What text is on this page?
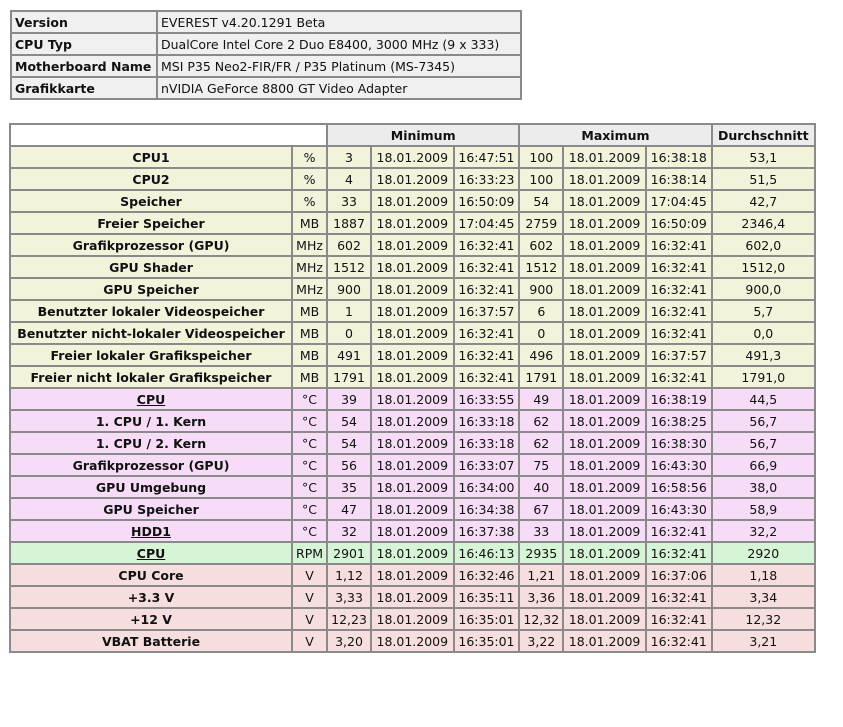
Version	EVEREST v4.20.1291 Beta
CPU Typ	DualCore Intel Core 2 Duo E8400, 3000 MHz (9 x 333)
Motherboard Name	MSI P35 Neo2-FIR/FR / P35 Platinum (MS-7345)
Grafikkarte	nVIDIA GeForce 8800 GT Video Adapter
		Minimum			Maximum			Durchschnitt
CPU1	%	3	18.01.2009	16:47:51	100	18.01.2009	16:38:18	53,1
CPU2	%	4	18.01.2009	16:33:23	100	18.01.2009	16:38:14	51,5
Speicher	%	33	18.01.2009	16:50:09	54	18.01.2009	17:04:45	42,7
Freier Speicher	MB	1887	18.01.2009	17:04:45	2759	18.01.2009	16:50:09	2346,4
Grafikprozessor (GPU)	MHz	602	18.01.2009	16:32:41	602	18.01.2009	16:32:41	602,0
GPU Shader	MHz	1512	18.01.2009	16:32:41	1512	18.01.2009	16:32:41	1512,0
GPU Speicher	MHz	900	18.01.2009	16:32:41	900	18.01.2009	16:32:41	900,0
Benutzter lokaler Videospeicher	MB	1	18.01.2009	16:37:57	6	18.01.2009	16:32:41	5,7
Benutzter nicht-lokaler Videospeicher	MB	0	18.01.2009	16:32:41	0	18.01.2009	16:32:41	0,0
Freier lokaler Grafikspeicher	MB	491	18.01.2009	16:32:41	496	18.01.2009	16:37:57	491,3
Freier nicht lokaler Grafikspeicher	MB	1791	18.01.2009	16:32:41	1791	18.01.2009	16:32:41	1791,0
CPU	°C	39	18.01.2009	16:33:55	49	18.01.2009	16:38:19	44,5
1. CPU / 1. Kern	°C	54	18.01.2009	16:33:18	62	18.01.2009	16:38:25	56,7
1. CPU / 2. Kern	°C	54	18.01.2009	16:33:18	62	18.01.2009	16:38:30	56,7
Grafikprozessor (GPU)	°C	56	18.01.2009	16:33:07	75	18.01.2009	16:43:30	66,9
GPU Umgebung	°C	35	18.01.2009	16:34:00	40	18.01.2009	16:58:56	38,0
GPU Speicher	°C	47	18.01.2009	16:34:38	67	18.01.2009	16:43:30	58,9
HDD1	°C	32	18.01.2009	16:37:38	33	18.01.2009	16:32:41	32,2
CPU	RPM	2901	18.01.2009	16:46:13	2935	18.01.2009	16:32:41	2920
CPU Core	V	1,12	18.01.2009	16:32:46	1,21	18.01.2009	16:37:06	1,18
+3.3 V	V	3,33	18.01.2009	16:35:11	3,36	18.01.2009	16:32:41	3,34
+12 V	V	12,23	18.01.2009	16:35:01	12,32	18.01.2009	16:32:41	12,32
VBAT Batterie	V	3,20	18.01.2009	16:35:01	3,22	18.01.2009	16:32:41	3,21
